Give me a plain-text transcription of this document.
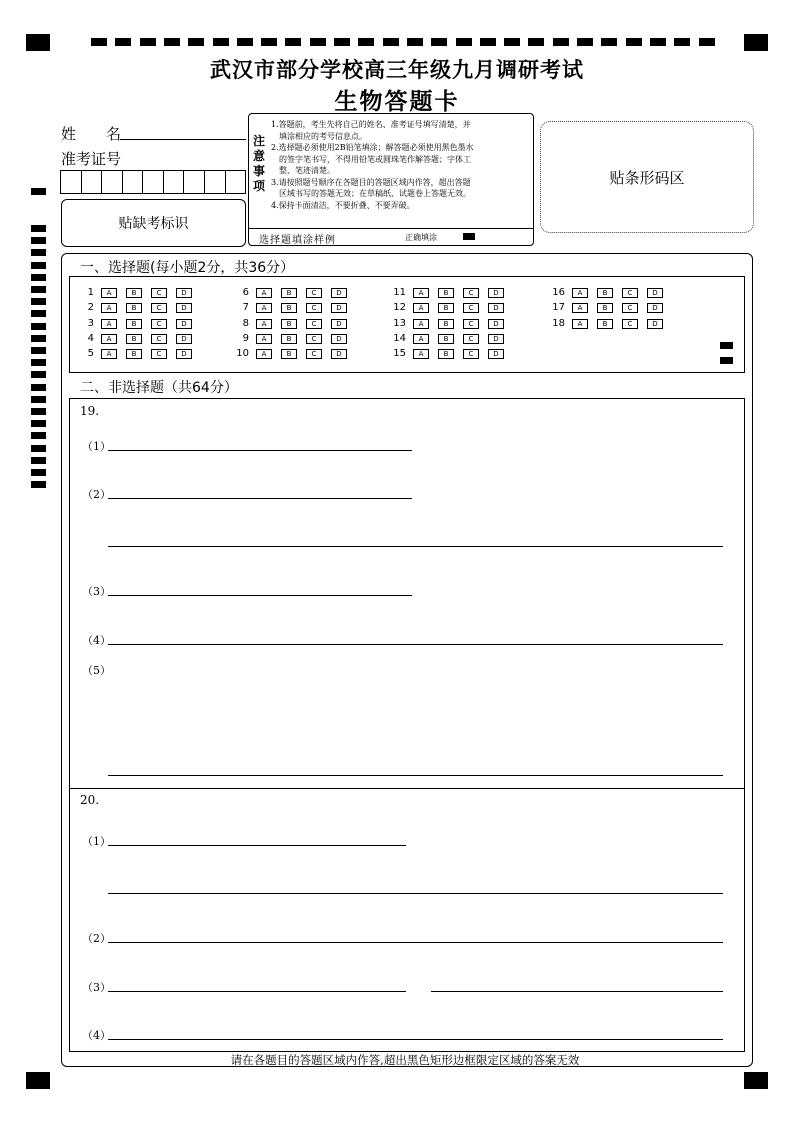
武汉市部分学校高三年级九月调研考试
生物答题卡
姓　　名
准考证号
贴缺考标识
注
意
事
项
1.答题前，考生先将自己的姓名、准考证号填写清楚，并
　填涂相应的考号信息点。
2.选择题必须使用2B铅笔填涂；解答题必须使用黑色墨水
　的签字笔书写，不得用铅笔或圆珠笔作解答题；字体工
　整、笔迹清楚。
3.请按照题号顺序在各题目的答题区域内作答，超出答题
　区域书写的答题无效；在草稿纸、试题卷上答题无效。
4.保持卡面清洁，不要折叠、不要弄破。
选择题填涂样例	正确填涂
贴条形码区
一、选择题(每小题2分，共36分）
1	A	B	C	D
2	A	B	C	D
3	A	B	C	D
4	A	B	C	D
5	A	B	C	D
6	A	B	C	D
7	A	B	C	D
8	A	B	C	D
9	A	B	C	D
10	A	B	C	D
11	A	B	C	D
12	A	B	C	D
13	A	B	C	D
14	A	B	C	D
15	A	B	C	D
16	A	B	C	D
17	A	B	C	D
18	A	B	C	D
二、非选择题（共64分）
19.
（1）
（2）
（3）
（4）
（5）
20.
（1）
（2）
（3）
（4）
请在各题目的答题区域内作答,超出黑色矩形边框限定区域的答案无效
